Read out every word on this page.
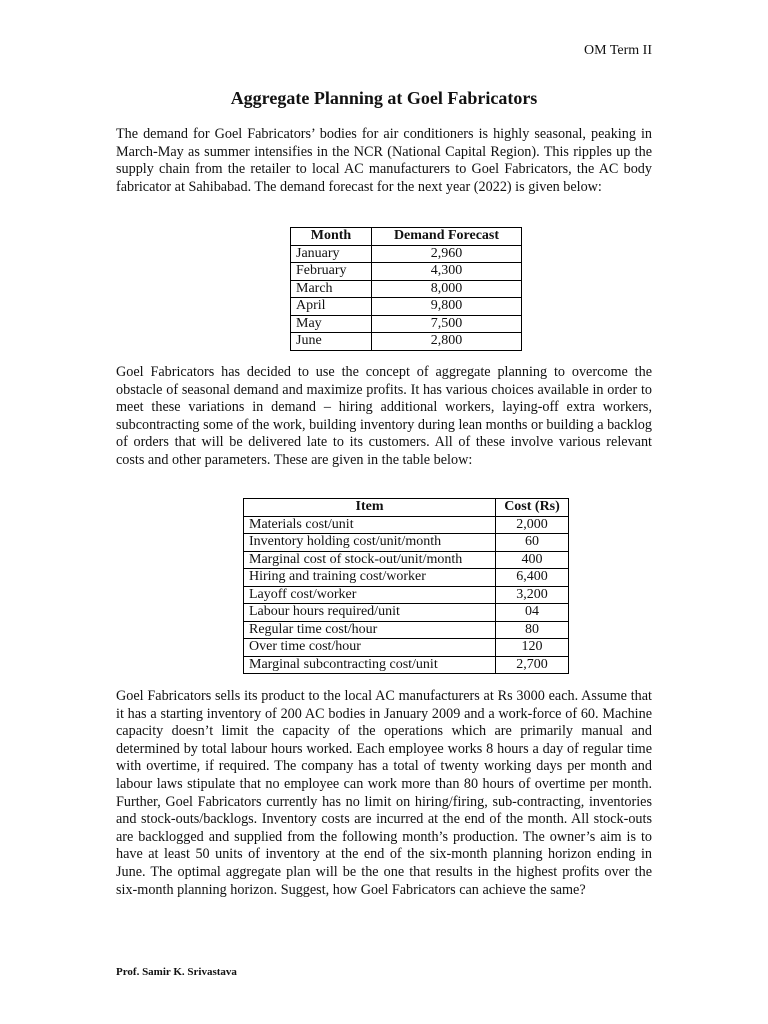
OM Term II
Aggregate Planning at Goel Fabricators

The demand for Goel Fabricators’ bodies for air conditioners is highly seasonal, peaking in March-May as summer intensifies in the NCR (National Capital Region). This ripples up the supply chain from the retailer to local AC manufacturers to Goel Fabricators, the AC body fabricator at Sahibabad. The demand forecast for the next year (2022) is given below:

Month	Demand Forecast
January	2,960
February	4,300
March	8,000
April	9,800
May	7,500
June	2,800

Goel Fabricators has decided to use the concept of aggregate planning to overcome the obstacle of seasonal demand and maximize profits. It has various choices available in order to meet these variations in demand – hiring additional workers, laying-off extra workers, subcontracting some of the work, building inventory during lean months or building a backlog of orders that will be delivered late to its customers. All of these involve various relevant costs and other parameters. These are given in the table below:

Item	Cost (Rs)
Materials cost/unit	2,000
Inventory holding cost/unit/month	60
Marginal cost of stock-out/unit/month	400
Hiring and training cost/worker	6,400
Layoff cost/worker	3,200
Labour hours required/unit	04
Regular time cost/hour	80
Over time cost/hour	120
Marginal subcontracting cost/unit	2,700

Goel Fabricators sells its product to the local AC manufacturers at Rs 3000 each. Assume that it has a starting inventory of 200 AC bodies in January 2009 and a work-force of 60. Machine capacity doesn’t limit the capacity of the operations which are primarily manual and determined by total labour hours worked. Each employee works 8 hours a day of regular time with overtime, if required. The company has a total of twenty working days per month and labour laws stipulate that no employee can work more than 80 hours of overtime per month. Further, Goel Fabricators currently has no limit on hiring/firing, sub-contracting, inventories and stock-outs/backlogs. Inventory costs are incurred at the end of the month. All stock-outs are backlogged and supplied from the following month’s production. The owner’s aim is to have at least 50 units of inventory at the end of the six-month planning horizon ending in June. The optimal aggregate plan will be the one that results in the highest profits over the six-month planning horizon. Suggest, how Goel Fabricators can achieve the same?

Prof. Samir K. Srivastava
